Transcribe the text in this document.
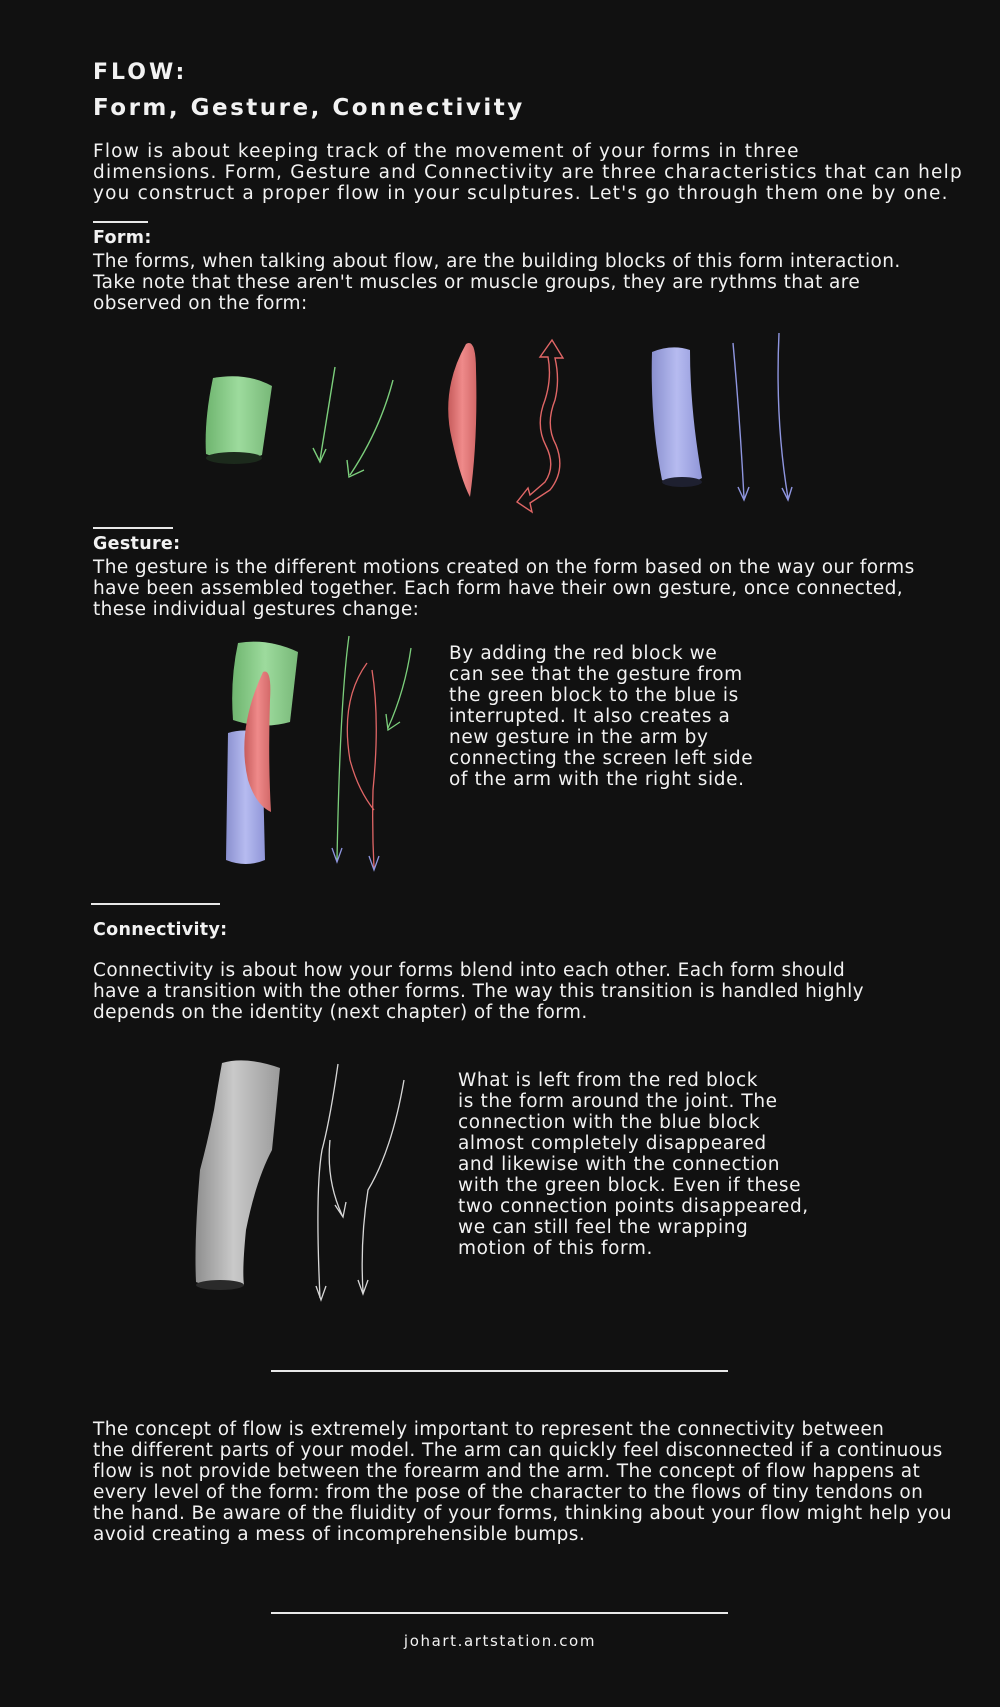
FLOW:
Form, Gesture, Connectivity
Flow is about keeping track of the movement of your forms in three
dimensions. Form, Gesture and Connectivity are three characteristics that can help
you construct a proper flow in your sculptures. Let's go through them one by one.
Form:
The forms, when talking about flow, are the building blocks of this form interaction.
Take note that these aren't muscles or muscle groups, they are rythms that are
observed on the form:
Gesture:
The gesture is the different motions created on the form based on the way our forms
have been assembled together. Each form have their own gesture, once connected,
these individual gestures change:
By adding the red block we
can see that the gesture from
the green block to the blue is
interrupted. It also creates a
new gesture in the arm by
connecting the screen left side
of the arm with the right side.
Connectivity:
Connectivity is about how your forms blend into each other. Each form should
have a transition with the other forms. The way this transition is handled highly
depends on the identity (next chapter) of the form.
What is left from the red block
is the form around the joint. The
connection with the blue block
almost completely disappeared
and likewise with the connection
with the green block. Even if these
two connection points disappeared,
we can still feel the wrapping
motion of this form.
The concept of flow is extremely important to represent the connectivity between
the different parts of your model. The arm can quickly feel disconnected if a continuous
flow is not provide between the forearm and the arm. The concept of flow happens at
every level of the form: from the pose of the character to the flows of tiny tendons on
the hand. Be aware of the fluidity of your forms, thinking about your flow might help you
avoid creating a mess of incomprehensible bumps.
johart.artstation.com
